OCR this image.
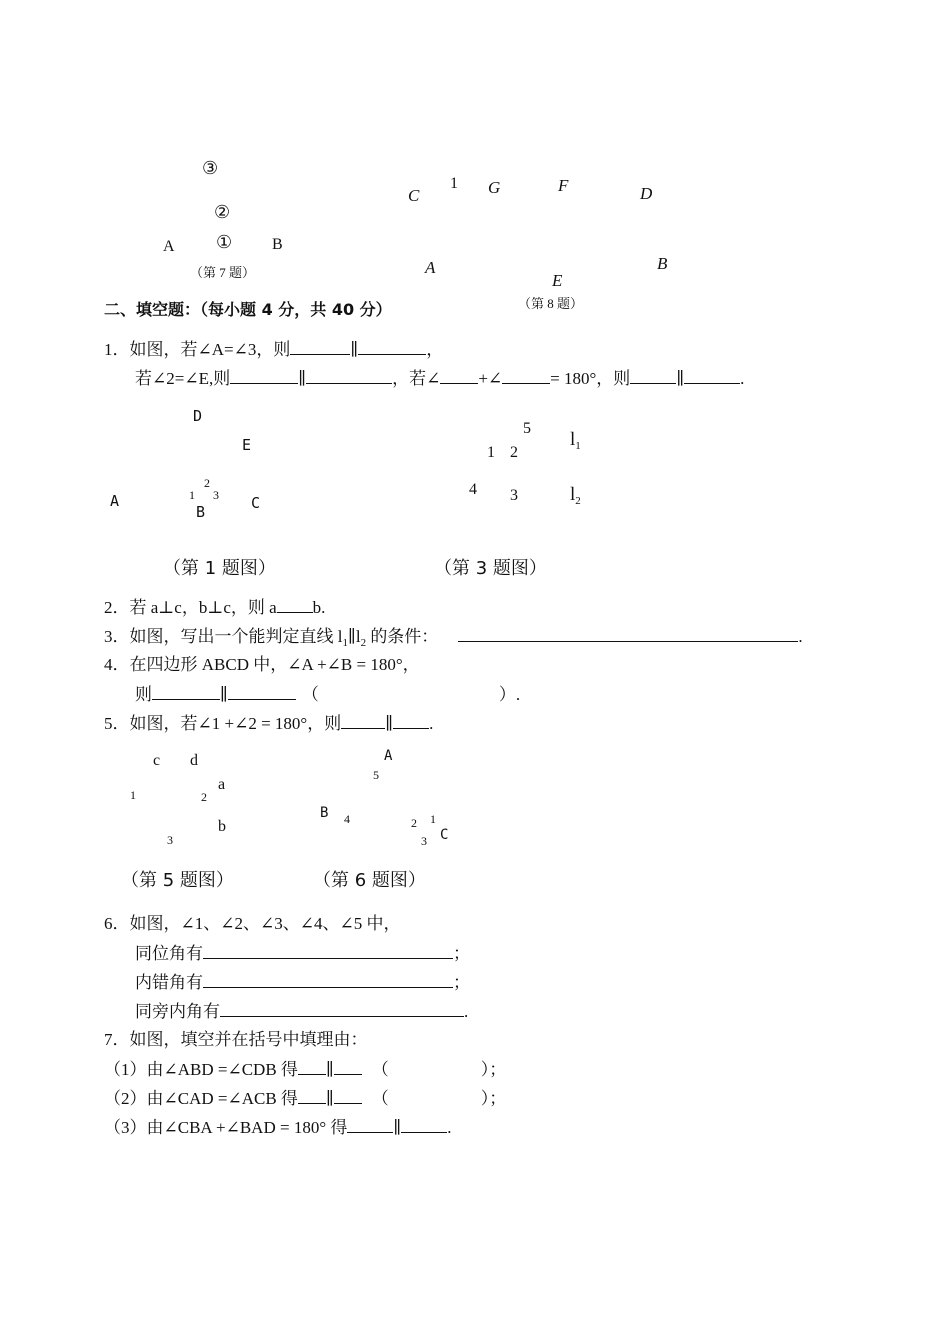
③
②
①
A	B
（第 7 题）
C
1 G	F	D
A
E
B
（第 8 题）
二、填空题：（每小题 4 分，共 40 分）
1．如图，若∠A=∠3，则	∥	，
若∠2=∠E,则	∥	，若∠ +∠	= 180°，则	∥	.
D
E
A	1
2
3
B	C
（第 1 题图）
5
1 2
$l_1$
4 3	$l_2$
（第 3 题图）
2．若 a⊥c，b⊥c，则 a b.
3．如图，写出一个能判定直线 $l_1\parallel l_2$ 的条件：	.
4．在四边形 ABCD 中，∠A +∠B = 180°，
则	∥	（	）.
5．如图，若∠1 +∠2 = 180°，则	∥ .
c d
1	2
a
3
b
（第 5 题图）
A
5
B 4	2 1
3 C
（第 6 题图）
6．如图，∠1、∠2、∠3、∠4、∠5 中，
同位角有	；
内错角有	；
同旁内角有	.
7．如图，填空并在括号中填理由：
（1）由∠ABD =∠CDB 得 ∥ （	）；
（2）由∠CAD =∠ACB 得 ∥ （	）；
（3）由∠CBA +∠BAD = 180° 得	∥	.
